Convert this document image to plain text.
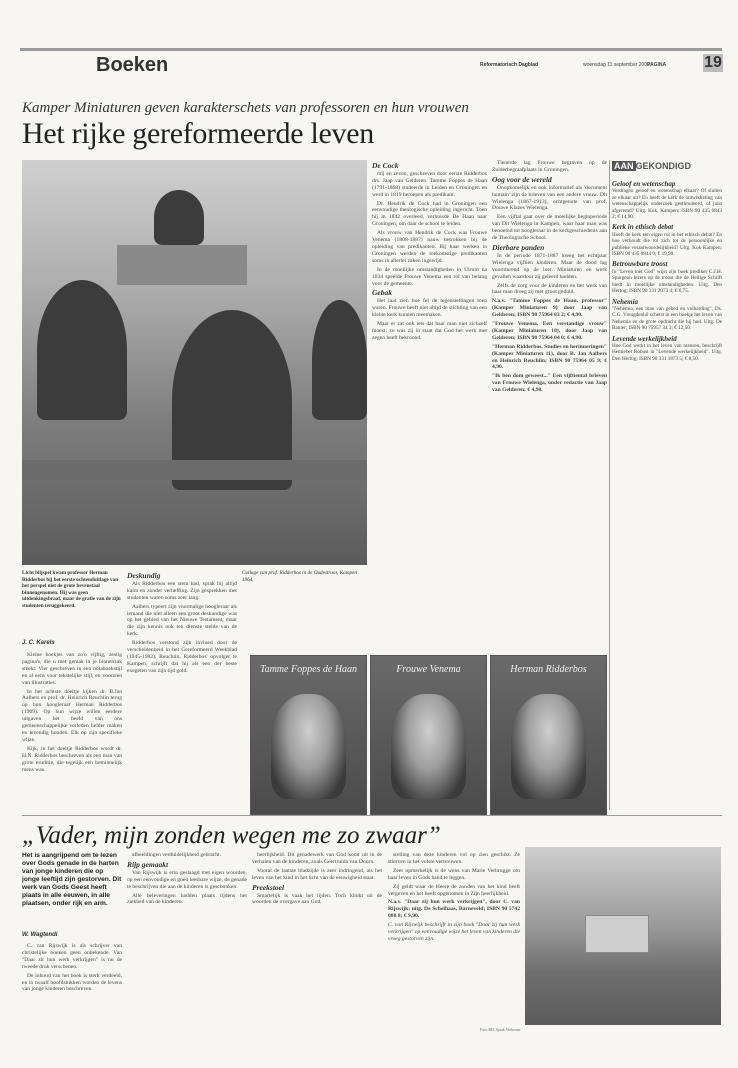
Boeken	Reformatorisch Dagblad	woensdag 11 september 2002
PAGINA 19
Kamper Miniaturen geven karakterschets van professoren en hun vrouwen
Het rijke gereformeerde leven
Licht blijspel kwam professor Herman Ridderbos bij het eerste ochtenduitlage van het perspel niet de grote bevenstaal binnengenomen. Hij was geen uitdenkingsbraaf, maar de gratie van de zijn studenten teruggekeerd.
J. C. Karels

Kleine boekjes van zo'n vijftig, zestig pagina's, die u met gemak in je binnenzak steekt. Vier geschreven in een notaboekstijl en al eens voor tekstelijke stijl, en voorzien van illustraties.

In het achtste deeltje kijken dr. B.Jan Aalbers en prof. dr. Heinrich Reuchlin terug op hun hoogleraar Herman Ridderbos (1909). Op hun wijze willen eerdere uitgaven het beeld van ons gemeenschappelijke verleden helder maken en levendig houden. Elk op zijn specifieke wijze.

Kijk, in het deeltje Ridderbos wordt dr. H.N. Ridderbos beschreven als een man van grote eruditie, die tegelijk een beminnelijk mens was.

Deskundig

Als Ridderbos een stem had, sprak hij altijd kalm en zonder verheffing. Zijn gesprekken met studenten waren soms zeer lang.

Aalbers typeert zijn voormalige hoogleraar als iemand die niet alleen een groot deskundige was op het gebied van het Nieuwe Testament, maar die zijn kennis ook ten dienste stelde van de kerk.

Ridderbos verstond zijn invloed door de verscheidenheid in het Gereformeerd Weekblad (1945-1982). Reuchlin, Ridderbos' opvolger te Kampen, schrijft dat hij als een der beste exegeten van zijn tijd gold.

Collage van prof. Ridderbos in de Oudestraat, Kampen 1964.
De Cock

mij en zeven, geschreven door eerste Ridderbos drs. Jaap van Gelderen. Tamme Foppes de Haan (1791-1868) studeerde in Leiden en Groningen en werd in 1819 beroepen als predikant.

Dr. Hendrik de Cock had in Groningen een eenvoudige theologische opleiding ingericht. Toen hij in 1842 overleed, verhuisde De Haan naar Groningen, om daar de school te leiden.

Als vrouw van Hendrik de Cock was Frouwe Venema (1808-1887) nauw betrokken bij de opleiding van predikanten. Bij haar werken in Groningen werden de toekomstige predikanten soms in allerlei zaken ingewijd.

In de moeilijke omstandigheden in Ulrum na 1834 speelde Frouwe Venema een rol van belang voor de gemeente.

Gebak

Het laat zien hoe fel de tegenstellingen toen waren. Frouwe heeft niet altijd de stichting van een kleine kerk kunnen meemaken.

Maar er zat ook iets dat haar man niet zichzelf moest; zo was zij in staat dat God het werk met zegen heeft bekroond.

Tienerde lag Frouwe begraven op de Zuiderbegraafplaats in Groningen.

Oog voor de wereld

Onopkomelijk en ook informatief als 'document humain' zijn de brieven van een andere vrouw. Dit Wielenga (1867-1913), echtgenote van prof. Douwe Klazes Wielenga.

Een vijftal gaat over de moeilijke beginperiode van Dit Wielenga in Kampen, waar haar man was benoemd tot hoogleraar in de kerkgeschiedenis aan de Theologische School.

Dierbare panden

In de periode 1871-1887 kreeg het echtpaar Wielenga vijftien kinderen. Maar de dood lag voortdurend op de loer. Miniaturen en werk gevallen waardoor zij geleerd hadden.

Zelfs de zorg voor de kinderen en het werk van haar man droeg zij met groot geduld.

N.a.v. "Tamme Foppes de Haan, professor" (Kamper Miniaturen 9) door Jaap van Gelderen; ISBN 90 75964 03 2; € 4,90.

"Frouwe Venema, Een verstandige vrouw" (Kamper Miniaturen 10), door Jaap van Gelderen; ISBN 90 75964 04 0; € 4,90.

"Herman Ridderbos. Studies en herinneringen" (Kamper Miniaturen 11), door B. Jan Aalbers en Heinrich Reuchlin; ISBN 90 75964 05 9; € 4,90.

"Ik ben dom geweest..." Een vijftiental brieven van Frouwe Wielenga, onder redactie van Jaap van Gelderen; € 4,90.

Tamme Foppes de Haan	Frouwe Venema	Herman Ridderbos
AAN GEKONDIGD
Geloof en wetenschap

Verdragen geloof en wetenschap elkaar? Of sluiten ze elkaar uit? En heeft de kerk de ontwikkeling van wetenschappelijk onderzoek gestimuleerd, of juist afgeremd? Uitg. Kok, Kampen; ISBN 90 435 0843 2; € 14,90.

Kerk in ethisch debat

Hoeft de kerk een eigen rol in het ethisch debat? En hoe verhoudt die rol zich tot de persoonlijke en publieke verantwoordelijkheid? Uitg. Kok Kampen; ISBN 90 435 0844 0; € 19,90.

Betrouwbare troost

In "Leven met God" wijst zijn boek prediker C.J.H. Spurgeon lezers op de troost die de Heilige Schrift biedt in moeilijke omstandigheden. Uitg. Den Hertog; ISBN 90 331 2073 4; € 6,75.

Nehemia

"Nehemia, een man van gebed en volharding", Ds. C.G. Vreugdenhil schetst in een boekje het leven van Nehemia en de grote opdracht die hij had. Uitg. De Banier; ISBN 90 75957 34 3; € 12,50.

Levende werkelijkheid

Hoe God werkt in het leven van mensen, beschrijft Hemiebel Robust in "Levende werkelijkheid". Uitg. Den Hertog; ISBN 90 331 1873 5; € 8,50.

„Vader, mijn zonden wegen me zo zwaar”
Het is aangrijpend om te lezen over Gods genade in de harten van jonge kinderen die op jonge leeftijd zijn gestorven. Dit werk van Gods Geest heeft plaats in alle eeuwen, in alle plaatsen, onder rijk en arm.
W. Wagtendi

C. van Rijswijk is als schrijver van christelijke boeken geen onbekende. Van "Daar zit hun werk verkrijgen" is nu de tweede druk verschenen.

De inhoud van het boek is sterk verdeeld, en in twaalf hoofdstukken worden de levens van jonge kinderen beschreven.

afbeeldingen verduidelijkheid gebracht.

Rijp gemaakt

Van Rijswijk is erin geslaagd met eigen woorden, op een eenvoudige en goed leesbare wijze, de genade te beschrijven die aan de kinderen is geschonken.

Alle beleveringen hadden plaats tijdens het ziekbed van de kinderen.

heerlijkheid. Dit genadewerk van God komt uit in de verhalen van de kinderen, zoals Geertruida van Doorn.

Vooral de laatste bladzijde is zeer indringend, als het leven van het kind in het licht van de eeuwigheid staat.

Preekstoel

Smartelijk is vaak het lijden. Toch klinkt uit de woorden de overgave aan God.

stelling van deze kinderen vol op zien geschikt. Ze stierven in het volste vertrouwen.

Zeer opmerkelijk is de wens van Marie Verbrugge om haar leven in Gods hand te leggen.

Zij geldt waar de Heere de zonden van het kind heeft vergeven en het heeft opgenomen in Zijn heerlijkheid.

N.a.v. "Daar zij hun werk verkrijgen", door C. van Rijswijk; uitg. De Schelhaas, Barneveld; ISBN 90 5742 008 8; € 9,90.

C. van Rijswijk beschrijft in zijn boek "Daar zij hun werk verkrijgen" op eenvoudige wijze het leven van kinderen die vroeg gestorven zijn.

Foto RD, Sjaak Verboom
